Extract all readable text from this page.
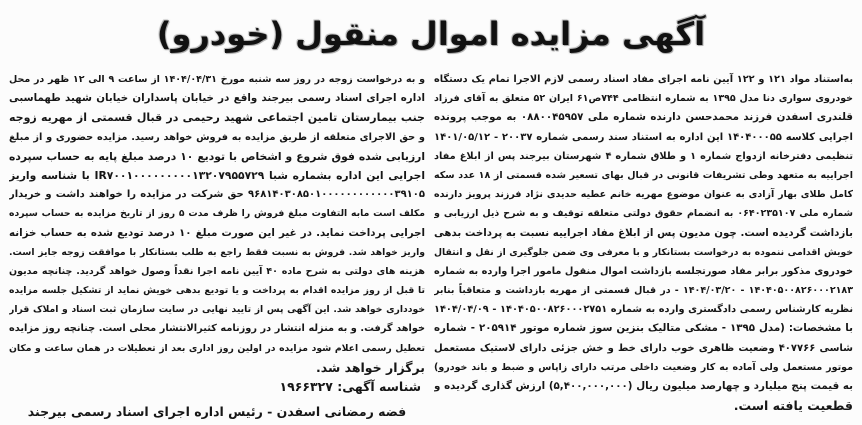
آگهی مزایده اموال منقول (خودرو)
به‌استناد مواد ۱۲۱ و ۱۲۲ آیین نامه اجرای مفاد اسناد رسمی لازم الاجرا تمام یک دستگاه
خودروی سواری دنا مدل ۱۳۹۵ به شماره انتظامی ۷۴۴ص۶۱ ایران ۵۲ متعلق به آقای فرزاد
قلندری اسفدن فرزند محمدحسن دارنده شماره ملی ۰۸۸۰۰۴۵۹۵۷ به موجب پرونده
اجرایی کلاسه ۱۴۰۴۰۰۰۵۵ این اداره به استناد سند رسمی شماره ۲۰۰۳۷ - ۱۴۰۱/۰۵/۱۲
تنظیمی دفترخانه ازدواج شماره ۱ و طلاق شماره ۴ شهرستان بیرجند پس از ابلاغ مفاد
اجراییه به متعهد وطی تشریفات قانونی در قبال بهای تسعیر شده قسمتی از ۱۸ عدد سکه
کامل طلای بهار آزادی به عنوان موضوع مهریه خانم عطیه حدیدی نژاد فرزند پرویز دارنده
شماره ملی ۰۶۴۰۲۳۵۱۰۷ به انضمام حقوق دولتی متعلقه توقیف و به شرح ذیل ارزیابی و
بازداشت گردیده است. چون مدیون پس از ابلاغ مفاد اجراییه نسبت به پرداخت بدهی
خویش اقدامی ننموده به درخواست بستانکار و با معرفی وی ضمن جلوگیری از نقل و انتقال
خودروی مذکور برابر مفاد صورتجلسه بازداشت اموال منقول مامور اجرا وارده به شماره
۱۴۰۴۰۵۰۰۸۲۶۰۰۰۲۱۸۳ - ۱۴۰۴/۰۳/۲۰ - در قبال قسمتی از مهریه بازداشت و متعاقباً بنابر
نظریه کارشناس رسمی دادگستری وارده به شماره ۱۴۰۴۰۵۰۰۸۲۶۰۰۰۲۷۵۱ - ۱۴۰۴/۰۴/۰۹
با مشخصات: (مدل ۱۳۹۵ - مشکی متالیک بنزین سوز شماره موتور ۲۰۵۹۱۴ - شماره
شاسی ۴۰۷۷۶۶ وضعیت ظاهری خوب دارای خط و خش جزئی دارای لاستیک مستعمل
موتور مستعمل ولی آماده به کار وضعیت داخلی مرتب دارای زاپاس و ضبط و باند خودرو)
به قیمت پنج میلیارد و چهارصد میلیون ریال (۵,۴۰۰,۰۰۰,۰۰۰) ارزش گذاری گردیده و
قطعیت یافته است.
و به درخواست زوجه در روز سه شنبه مورخ ۱۴۰۴/۰۴/۳۱ از ساعت ۹ الی ۱۲ ظهر در محل
اداره اجرای اسناد رسمی بیرجند واقع در خیابان پاسداران خیابان شهید طهماسبی
جنب بیمارستان تامین اجتماعی شهید رحیمی در قبال قسمتی از مهریه زوجه
و حق الاجرای متعلقه از طریق مزایده به فروش خواهد رسید. مزایده حضوری و از مبلغ
ارزیابی شده فوق شروع و اشخاص با تودیع ۱۰ درصد مبلغ پایه به حساب سپرده
اجرایی این اداره بشماره شبا IR۷۰۰۱۰۰۰۰۰۰۰۰۰۱۳۲۰۷۹۵۵۷۲۹ با شناسه واریز
۹۶۸۱۴۰۳۰۸۵۰۱۰۰۰۰۰۰۰۰۰۰۰۰۳۹۱۰۵ حق شرکت در مزایده را خواهند داشت و خریدار
مکلف است مابه التفاوت مبلغ فروش را ظرف مدت ۵ روز از تاریخ مزایده به حساب سپرده
اجرایی پرداخت نماید. در غیر این صورت مبلغ ۱۰ درصد تودیع شده به حساب خزانه
واریز خواهد شد. فروش به نسبت فقط راجع به طلب بستانکار با موافقت زوجه جایز است.
هزینه های دولتی به شرح ماده ۴۰ آیین نامه اجرا نقداً وصول خواهد گردید. چنانچه مدیون
تا قبل از روز مزایده اقدام به پرداخت و یا تودیع بدهی خویش نماید از تشکیل جلسه مزایده
خودداری خواهد شد. این آگهی پس از تایید نهایی در سایت سازمان ثبت اسناد و املاک قرار
خواهد گرفت. و به منزله انتشار در روزنامه کثیرالانتشار محلی است. چنانچه روز مزایده
تعطیل رسمی اعلام شود مزایده در اولین روز اداری بعد از تعطیلات در همان ساعت و مکان
برگزار خواهد شد.
شناسه آگهی: ۱۹۶۶۳۲۷
فضه رمضانی اسفدن - رئیس اداره اجرای اسناد رسمی بیرجند
